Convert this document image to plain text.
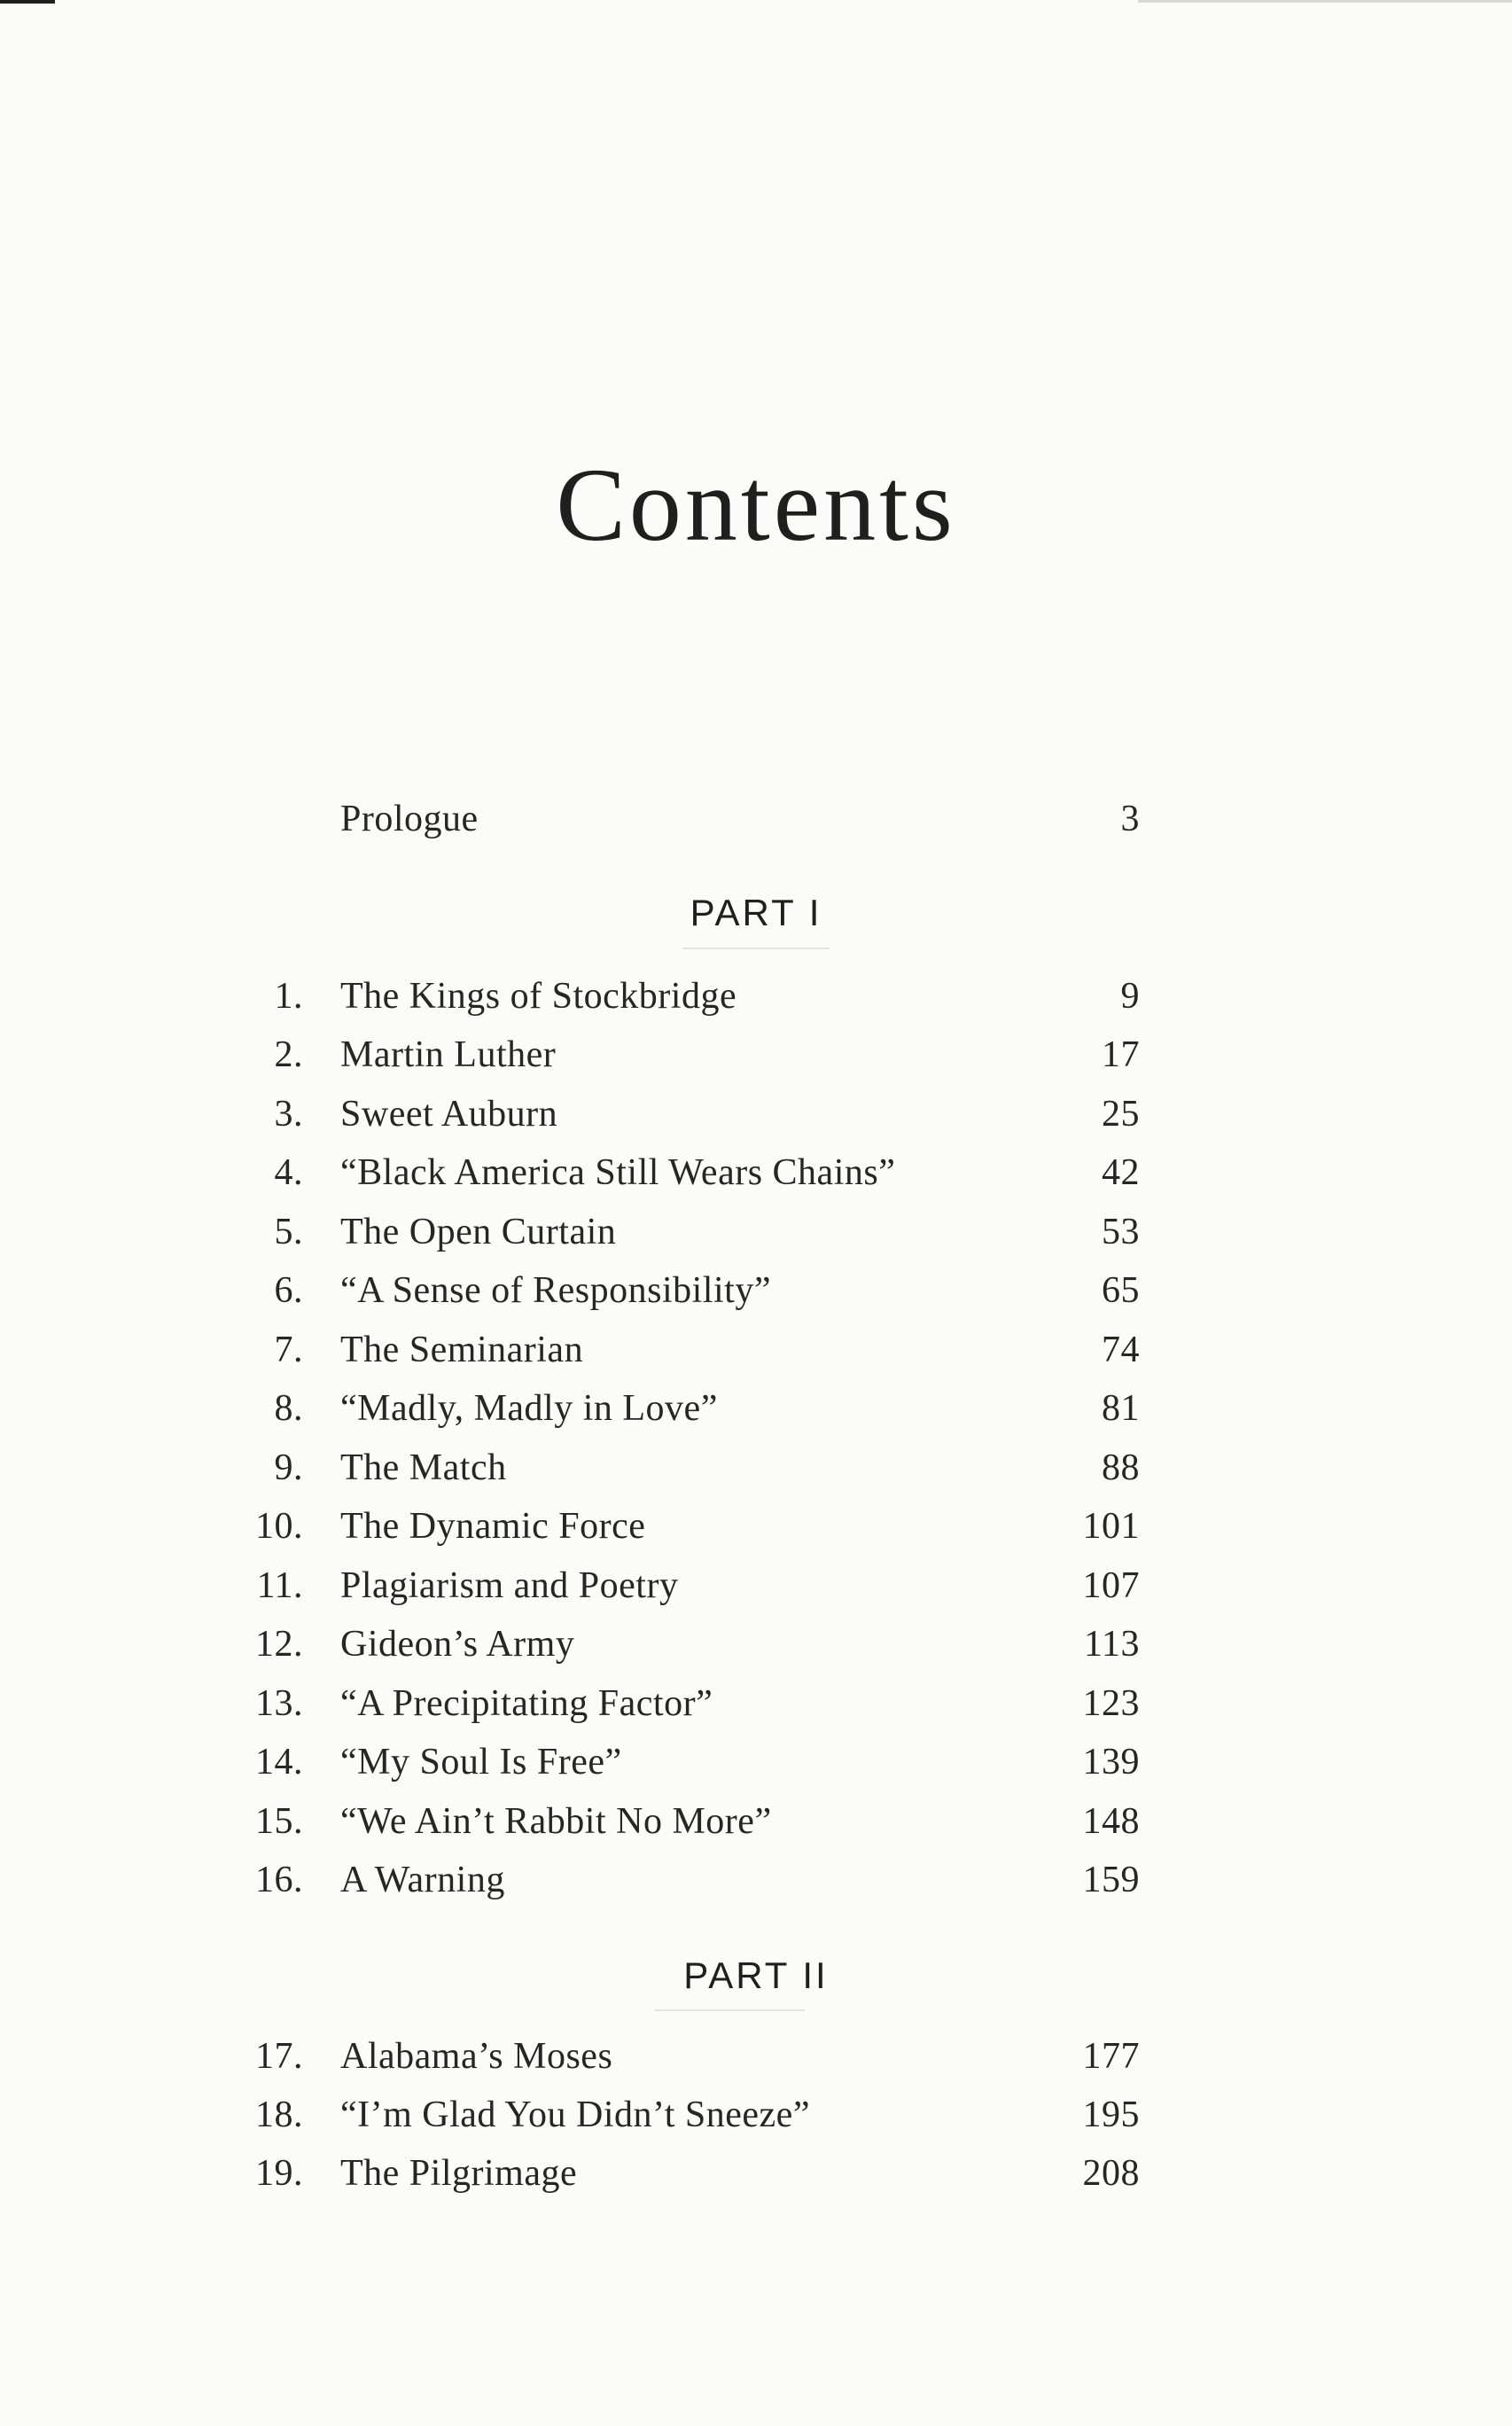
Contents
Prologue	3
PART I
1. The Kings of Stockbridge	9
2. Martin Luther	17
3. Sweet Auburn	25
4. “Black America Still Wears Chains”	42
5. The Open Curtain	53
6. “A Sense of Responsibility”	65
7. The Seminarian	74
8. “Madly, Madly in Love”	81
9. The Match	88
10. The Dynamic Force	101
11. Plagiarism and Poetry	107
12. Gideon’s Army	113
13. “A Precipitating Factor”	123
14. “My Soul Is Free”	139
15. “We Ain’t Rabbit No More”	148
16. A Warning	159
PART II
17. Alabama’s Moses	177
18. “I’m Glad You Didn’t Sneeze”	195
19. The Pilgrimage	208
